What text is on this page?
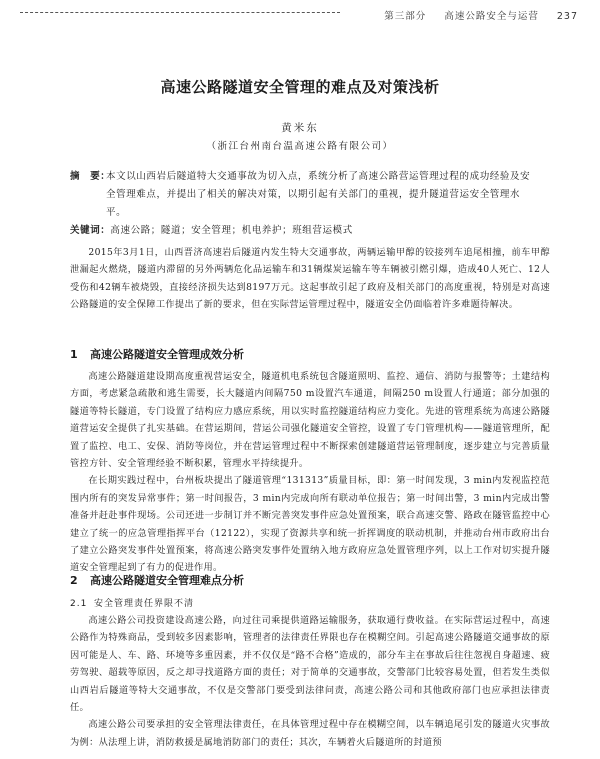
第三部分 高速公路安全与运营 237
高速公路隧道安全管理的难点及对策浅析
黄米东
（浙江台州南台温高速公路有限公司）
摘　要：
本文以山西岩后隧道特大交通事故为切入点，系统分析了高速公路营运管理过程的成功经验及安全管理难点，并提出了相关的解决对策，以期引起有关部门的重视，提升隧道营运安全管理水平。
关键词：高速公路；隧道；安全管理；机电养护；班组营运模式

2015年3月1日，山西晋济高速岩后隧道内发生特大交通事故，两辆运输甲醇的铰接列车追尾相撞，前车甲醇泄漏起火燃烧，隧道内滞留的另外两辆危化品运输车和31辆煤炭运输车等车辆被引燃引爆，造成40人死亡、12人受伤和42辆车被烧毁，直接经济损失达到8197万元。这起事故引起了政府及相关部门的高度重视，特别是对高速公路隧道的安全保障工作提出了新的要求，但在实际营运管理过程中，隧道安全仍面临着许多难题待解决。

1 高速公路隧道安全管理成效分析

高速公路隧道建设期高度重视营运安全，隧道机电系统包含隧道照明、监控、通信、消防与报警等；土建结构方面，考虑紧急疏散和逃生需要，长大隧道内间隔750 m设置汽车通道，间隔250 m设置人行通道；部分加强的隧道等特长隧道，专门设置了结构应力感应系统，用以实时监控隧道结构应力变化。先进的管理系统为高速公路隧道营运安全提供了扎实基础。在营运期间，营运公司强化隧道安全管控，设置了专门管理机构——隧道管理所，配置了监控、电工、安保、消防等岗位，并在营运管理过程中不断探索创建隧道营运管理制度，逐步建立与完善质量管控方针、安全管理经验不断积累，管理水平持续提升。

在长期实践过程中，台州板块提出了隧道管理“131313”质量目标，即：第一时间发现，3 min内发视监控范围内所有的突发异常事件；第一时间报告，3 min内完成向所有联动单位报告；第一时间出警，3 min内完成出警准备并赶赴事件现场。公司还进一步制订并不断完善突发事件应急处置预案，联合高速交警、路政在隧管监控中心建立了统一的应急管理指挥平台（12122），实现了资源共享和统一折挥调度的联动机制，并推动台州市政府出台了建立公路突发事件处置预案，将高速公路突发事件处置纳入地方政府应急处置管理序列，以上工作对切实提升隧道安全管理起到了有力的促进作用。

2 高速公路隧道安全管理难点分析
2.1 安全管理责任界限不清

高速公路公司投资建设高速公路，向过往司乘提供道路运输服务，获取通行费收益。在实际营运过程中，高速公路作为特殊商品，受到较多因素影响，管理者的法律责任界限也存在模糊空间。引起高速公路隧道交通事故的原因可能是人、车、路、环境等多重因素，并不仅仅是“路不合格”造成的，部分车主在事故后往往忽视自身超速、疲劳驾驶、超载等原因，反之却寻找道路方面的责任；对于简单的交通事故，交警部门比较容易处置，但若发生类似山西岩后隧道等特大交通事故，不仅是交警部门要受到法律问责，高速公路公司和其他政府部门也应承担法律责任。

高速公路公司要承担的安全管理法律责任，在具体管理过程中存在模糊空间，以车辆追尾引发的隧道火灾事故为例：从法理上讲，消防救援是属地消防部门的责任；其次，车辆着火后隧道所的封道预
